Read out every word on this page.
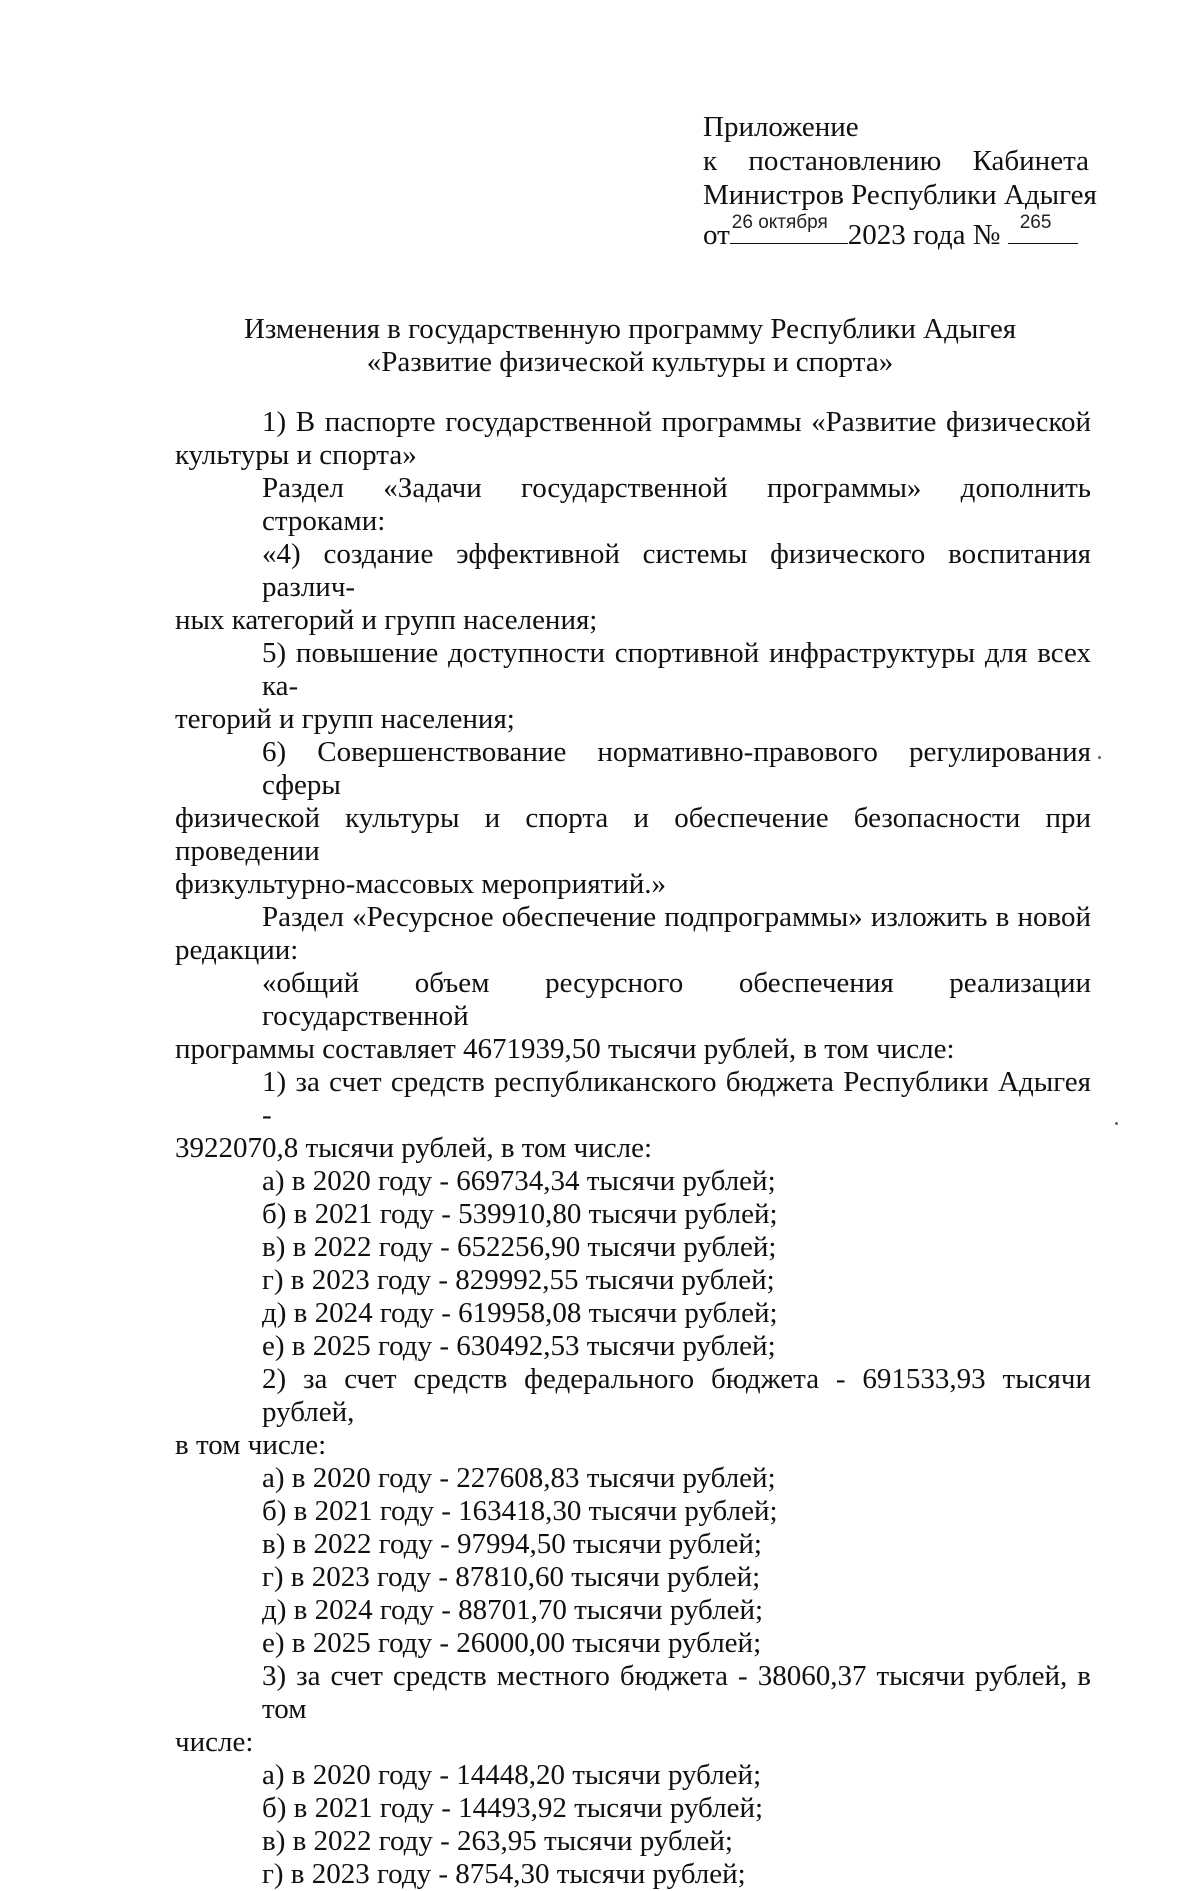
Приложение
к постановлению Кабинета
Министров Республики Адыгея
от 26 октября 2023 года № 265
Изменения в государственную программу Республики Адыгея
«Развитие физической культуры и спорта»
1) В паспорте государственной программы «Развитие физической
культуры и спорта»
Раздел «Задачи государственной программы» дополнить строками:
«4) создание эффективной системы физического воспитания различ-
ных категорий и групп населения;
5) повышение доступности спортивной инфраструктуры для всех ка-
тегорий и групп населения;
6) Совершенствование нормативно-правового регулирования сферы
физической культуры и спорта и обеспечение безопасности при проведении
физкультурно-массовых мероприятий.»
Раздел «Ресурсное обеспечение подпрограммы» изложить в новой
редакции:
«общий объем ресурсного обеспечения реализации государственной
программы составляет 4671939,50 тысячи рублей, в том числе:
1) за счет средств республиканского бюджета Республики Адыгея -
3922070,8 тысячи рублей, в том числе:
а) в 2020 году - 669734,34 тысячи рублей;
б) в 2021 году - 539910,80 тысячи рублей;
в) в 2022 году - 652256,90 тысячи рублей;
г) в 2023 году - 829992,55 тысячи рублей;
д) в 2024 году - 619958,08 тысячи рублей;
е) в 2025 году - 630492,53 тысячи рублей;
2) за счет средств федерального бюджета - 691533,93 тысячи рублей,
в том числе:
а) в 2020 году - 227608,83 тысячи рублей;
б) в 2021 году - 163418,30 тысячи рублей;
в) в 2022 году - 97994,50 тысячи рублей;
г) в 2023 году - 87810,60 тысячи рублей;
д) в 2024 году - 88701,70 тысячи рублей;
е) в 2025 году - 26000,00 тысячи рублей;
3) за счет средств местного бюджета - 38060,37 тысячи рублей, в том
числе:
а) в 2020 году - 14448,20 тысячи рублей;
б) в 2021 году - 14493,92 тысячи рублей;
в) в 2022 году - 263,95 тысячи рублей;
г) в 2023 году - 8754,30 тысячи рублей;
